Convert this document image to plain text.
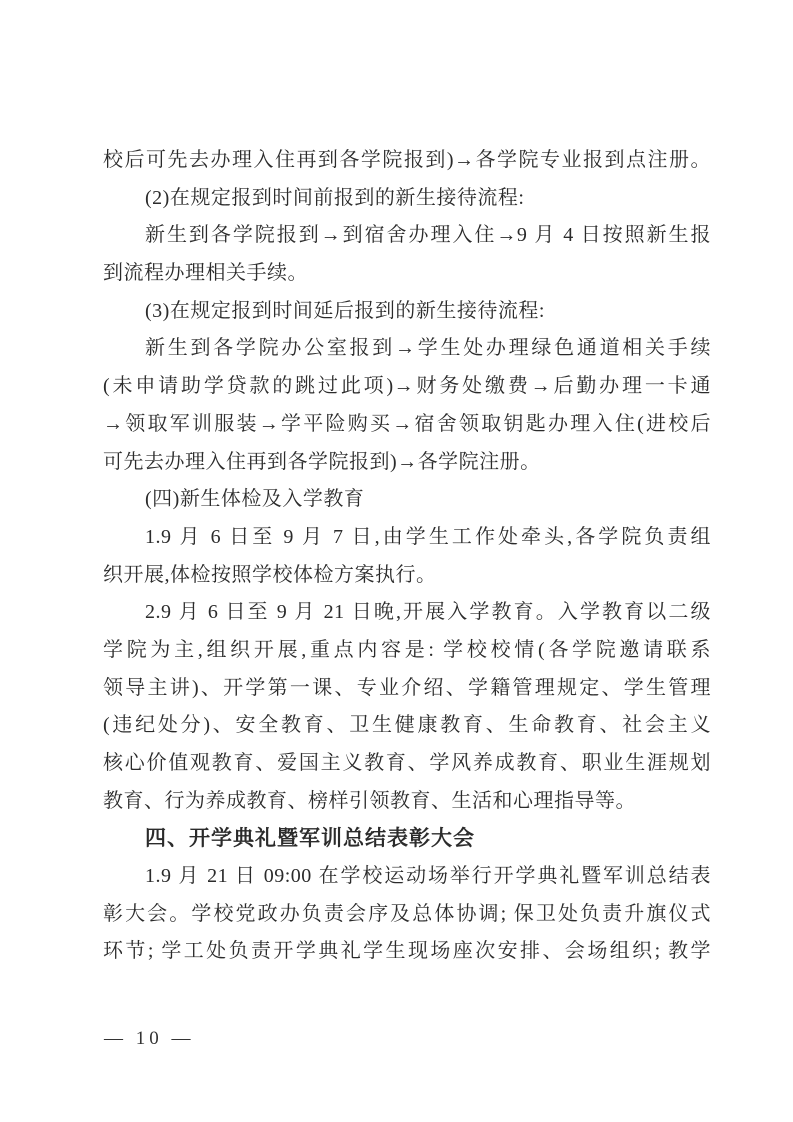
校后可先去办理入住再到各学院报到)→各学院专业报到点注册。
(2)在规定报到时间前报到的新生接待流程:
新生到各学院报到→到宿舍办理入住→9 月 4 日按照新生报
到流程办理相关手续。
(3)在规定报到时间延后报到的新生接待流程:
新生到各学院办公室报到→学生处办理绿色通道相关手续
(未申请助学贷款的跳过此项)→财务处缴费→后勤办理一卡通
→领取军训服装→学平险购买→宿舍领取钥匙办理入住(进校后
可先去办理入住再到各学院报到)→各学院注册。
(四)新生体检及入学教育
1.9 月 6 日至 9 月 7 日,由学生工作处牵头,各学院负责组
织开展,体检按照学校体检方案执行。
2.9 月 6 日至 9 月 21 日晚,开展入学教育。入学教育以二级
学院为主,组织开展,重点内容是: 学校校情(各学院邀请联系
领导主讲)、开学第一课、专业介绍、学籍管理规定、学生管理
(违纪处分)、安全教育、卫生健康教育、生命教育、社会主义
核心价值观教育、爱国主义教育、学风养成教育、职业生涯规划
教育、行为养成教育、榜样引领教育、生活和心理指导等。
四、开学典礼暨军训总结表彰大会
1.9 月 21 日 09:00 在学校运动场举行开学典礼暨军训总结表
彰大会。学校党政办负责会序及总体协调; 保卫处负责升旗仪式
环节; 学工处负责开学典礼学生现场座次安排、会场组织; 教学
— 10 —
